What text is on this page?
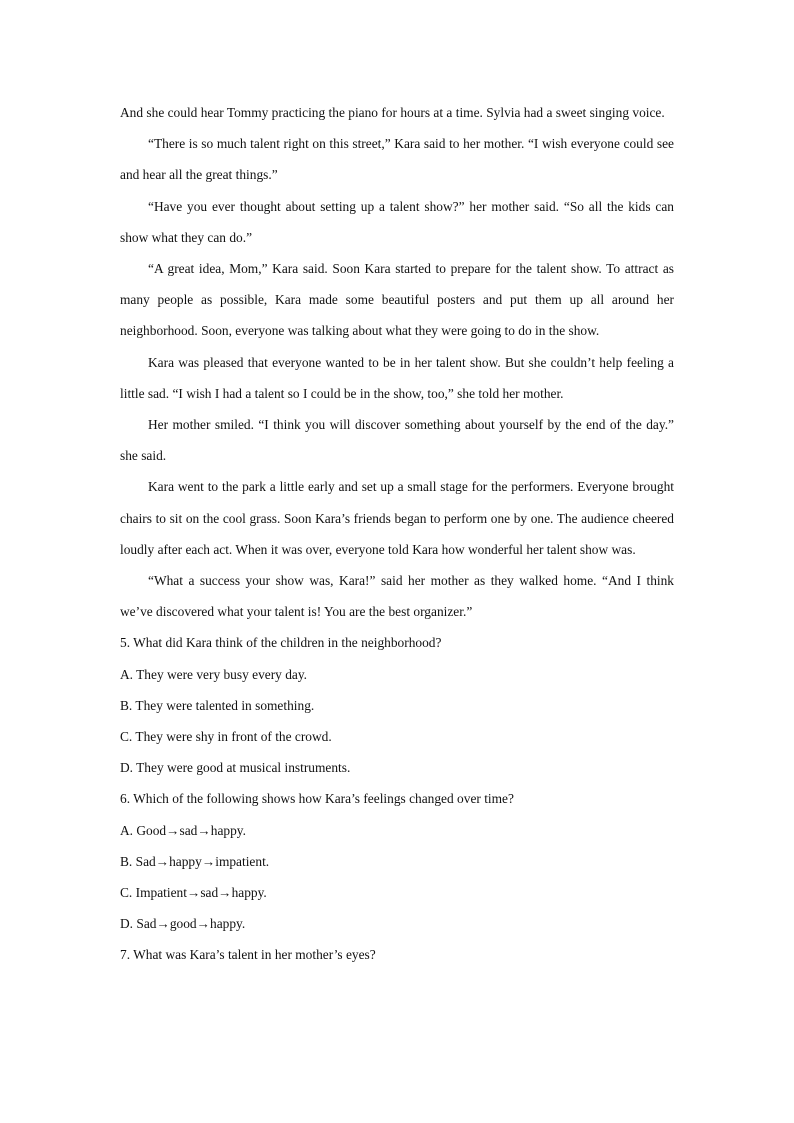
And she could hear Tommy practicing the piano for hours at a time. Sylvia had a sweet singing voice.

“There is so much talent right on this street,” Kara said to her mother. “I wish everyone could see and hear all the great things.”

“Have you ever thought about setting up a talent show?” her mother said. “So all the kids can show what they can do.”

“A great idea, Mom,” Kara said. Soon Kara started to prepare for the talent show. To attract as many people as possible, Kara made some beautiful posters and put them up all around her neighborhood. Soon, everyone was talking about what they were going to do in the show.

Kara was pleased that everyone wanted to be in her talent show. But she couldn’t help feeling a little sad. “I wish I had a talent so I could be in the show, too,” she told her mother.

Her mother smiled. “I think you will discover something about yourself by the end of the day.” she said.

Kara went to the park a little early and set up a small stage for the performers. Everyone brought chairs to sit on the cool grass. Soon Kara’s friends began to perform one by one. The audience cheered loudly after each act. When it was over, everyone told Kara how wonderful her talent show was.

“What a success your show was, Kara!” said her mother as they walked home. “And I think we’ve discovered what your talent is! You are the best organizer.”

5. What did Kara think of the children in the neighborhood?

A. They were very busy every day.

B. They were talented in something.

C. They were shy in front of the crowd.

D. They were good at musical instruments.

6. Which of the following shows how Kara’s feelings changed over time?

A. Good→sad→happy.

B. Sad→happy→impatient.

C. Impatient→sad→happy.

D. Sad→good→happy.

7. What was Kara’s talent in her mother’s eyes?
